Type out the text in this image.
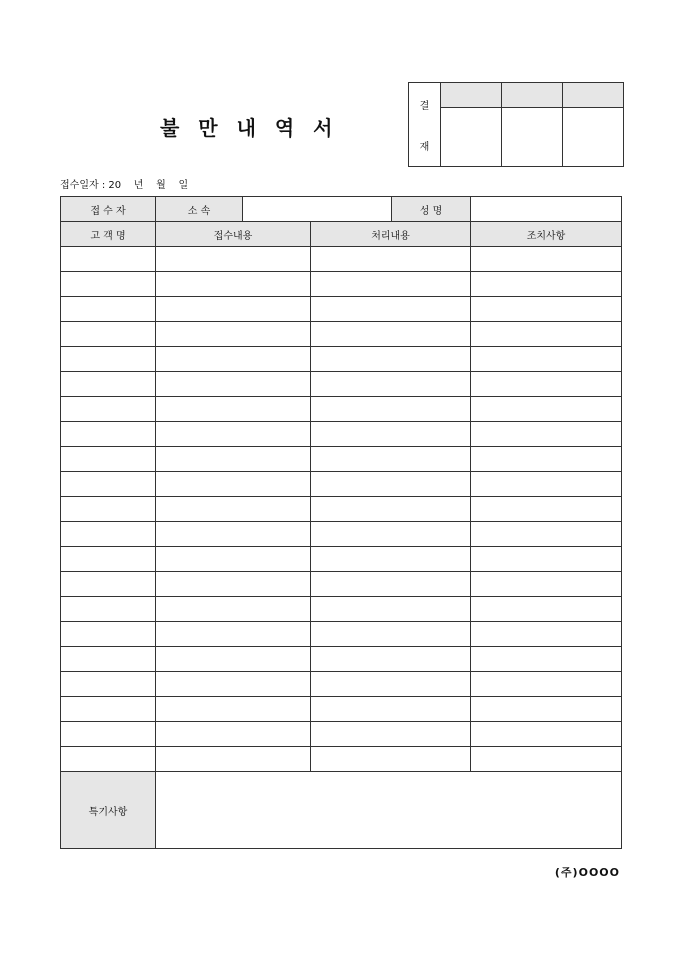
불 만 내 역 서
결
재			

접수일자 : 20    년    월    일
접 수 자	소 속			성 명	
고 객 명	접수내용		처리내용		조치사항

특기사항					
(주)OOOO
